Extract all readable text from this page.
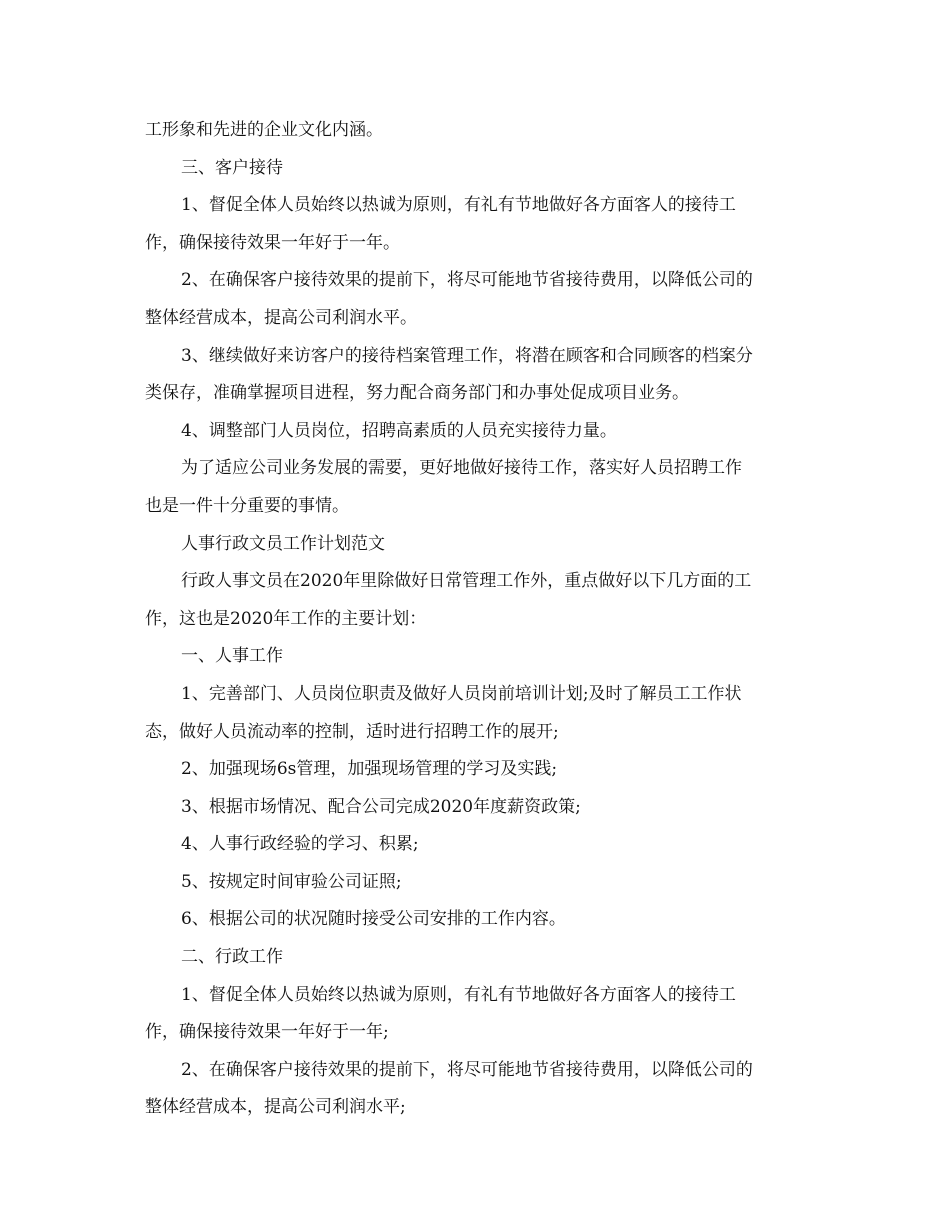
工形象和先进的企业文化内涵。

三、客户接待

1、督促全体人员始终以热诚为原则，有礼有节地做好各方面客人的接待工

作，确保接待效果一年好于一年。

2、在确保客户接待效果的提前下，将尽可能地节省接待费用，以降低公司的

整体经营成本，提高公司利润水平。

3、继续做好来访客户的接待档案管理工作，将潜在顾客和合同顾客的档案分

类保存，准确掌握项目进程，努力配合商务部门和办事处促成项目业务。

4、调整部门人员岗位，招聘高素质的人员充实接待力量。

为了适应公司业务发展的需要，更好地做好接待工作，落实好人员招聘工作

也是一件十分重要的事情。

人事行政文员工作计划范文

行政人事文员在2020年里除做好日常管理工作外，重点做好以下几方面的工

作，这也是2020年工作的主要计划：

一、人事工作

1、完善部门、人员岗位职责及做好人员岗前培训计划;及时了解员工工作状

态，做好人员流动率的控制，适时进行招聘工作的展开;

2、加强现场6s管理，加强现场管理的学习及实践;

3、根据市场情况、配合公司完成2020年度薪资政策;

4、人事行政经验的学习、积累;

5、按规定时间审验公司证照;

6、根据公司的状况随时接受公司安排的工作内容。

二、行政工作

1、督促全体人员始终以热诚为原则，有礼有节地做好各方面客人的接待工

作，确保接待效果一年好于一年;

2、在确保客户接待效果的提前下，将尽可能地节省接待费用，以降低公司的

整体经营成本，提高公司利润水平;
